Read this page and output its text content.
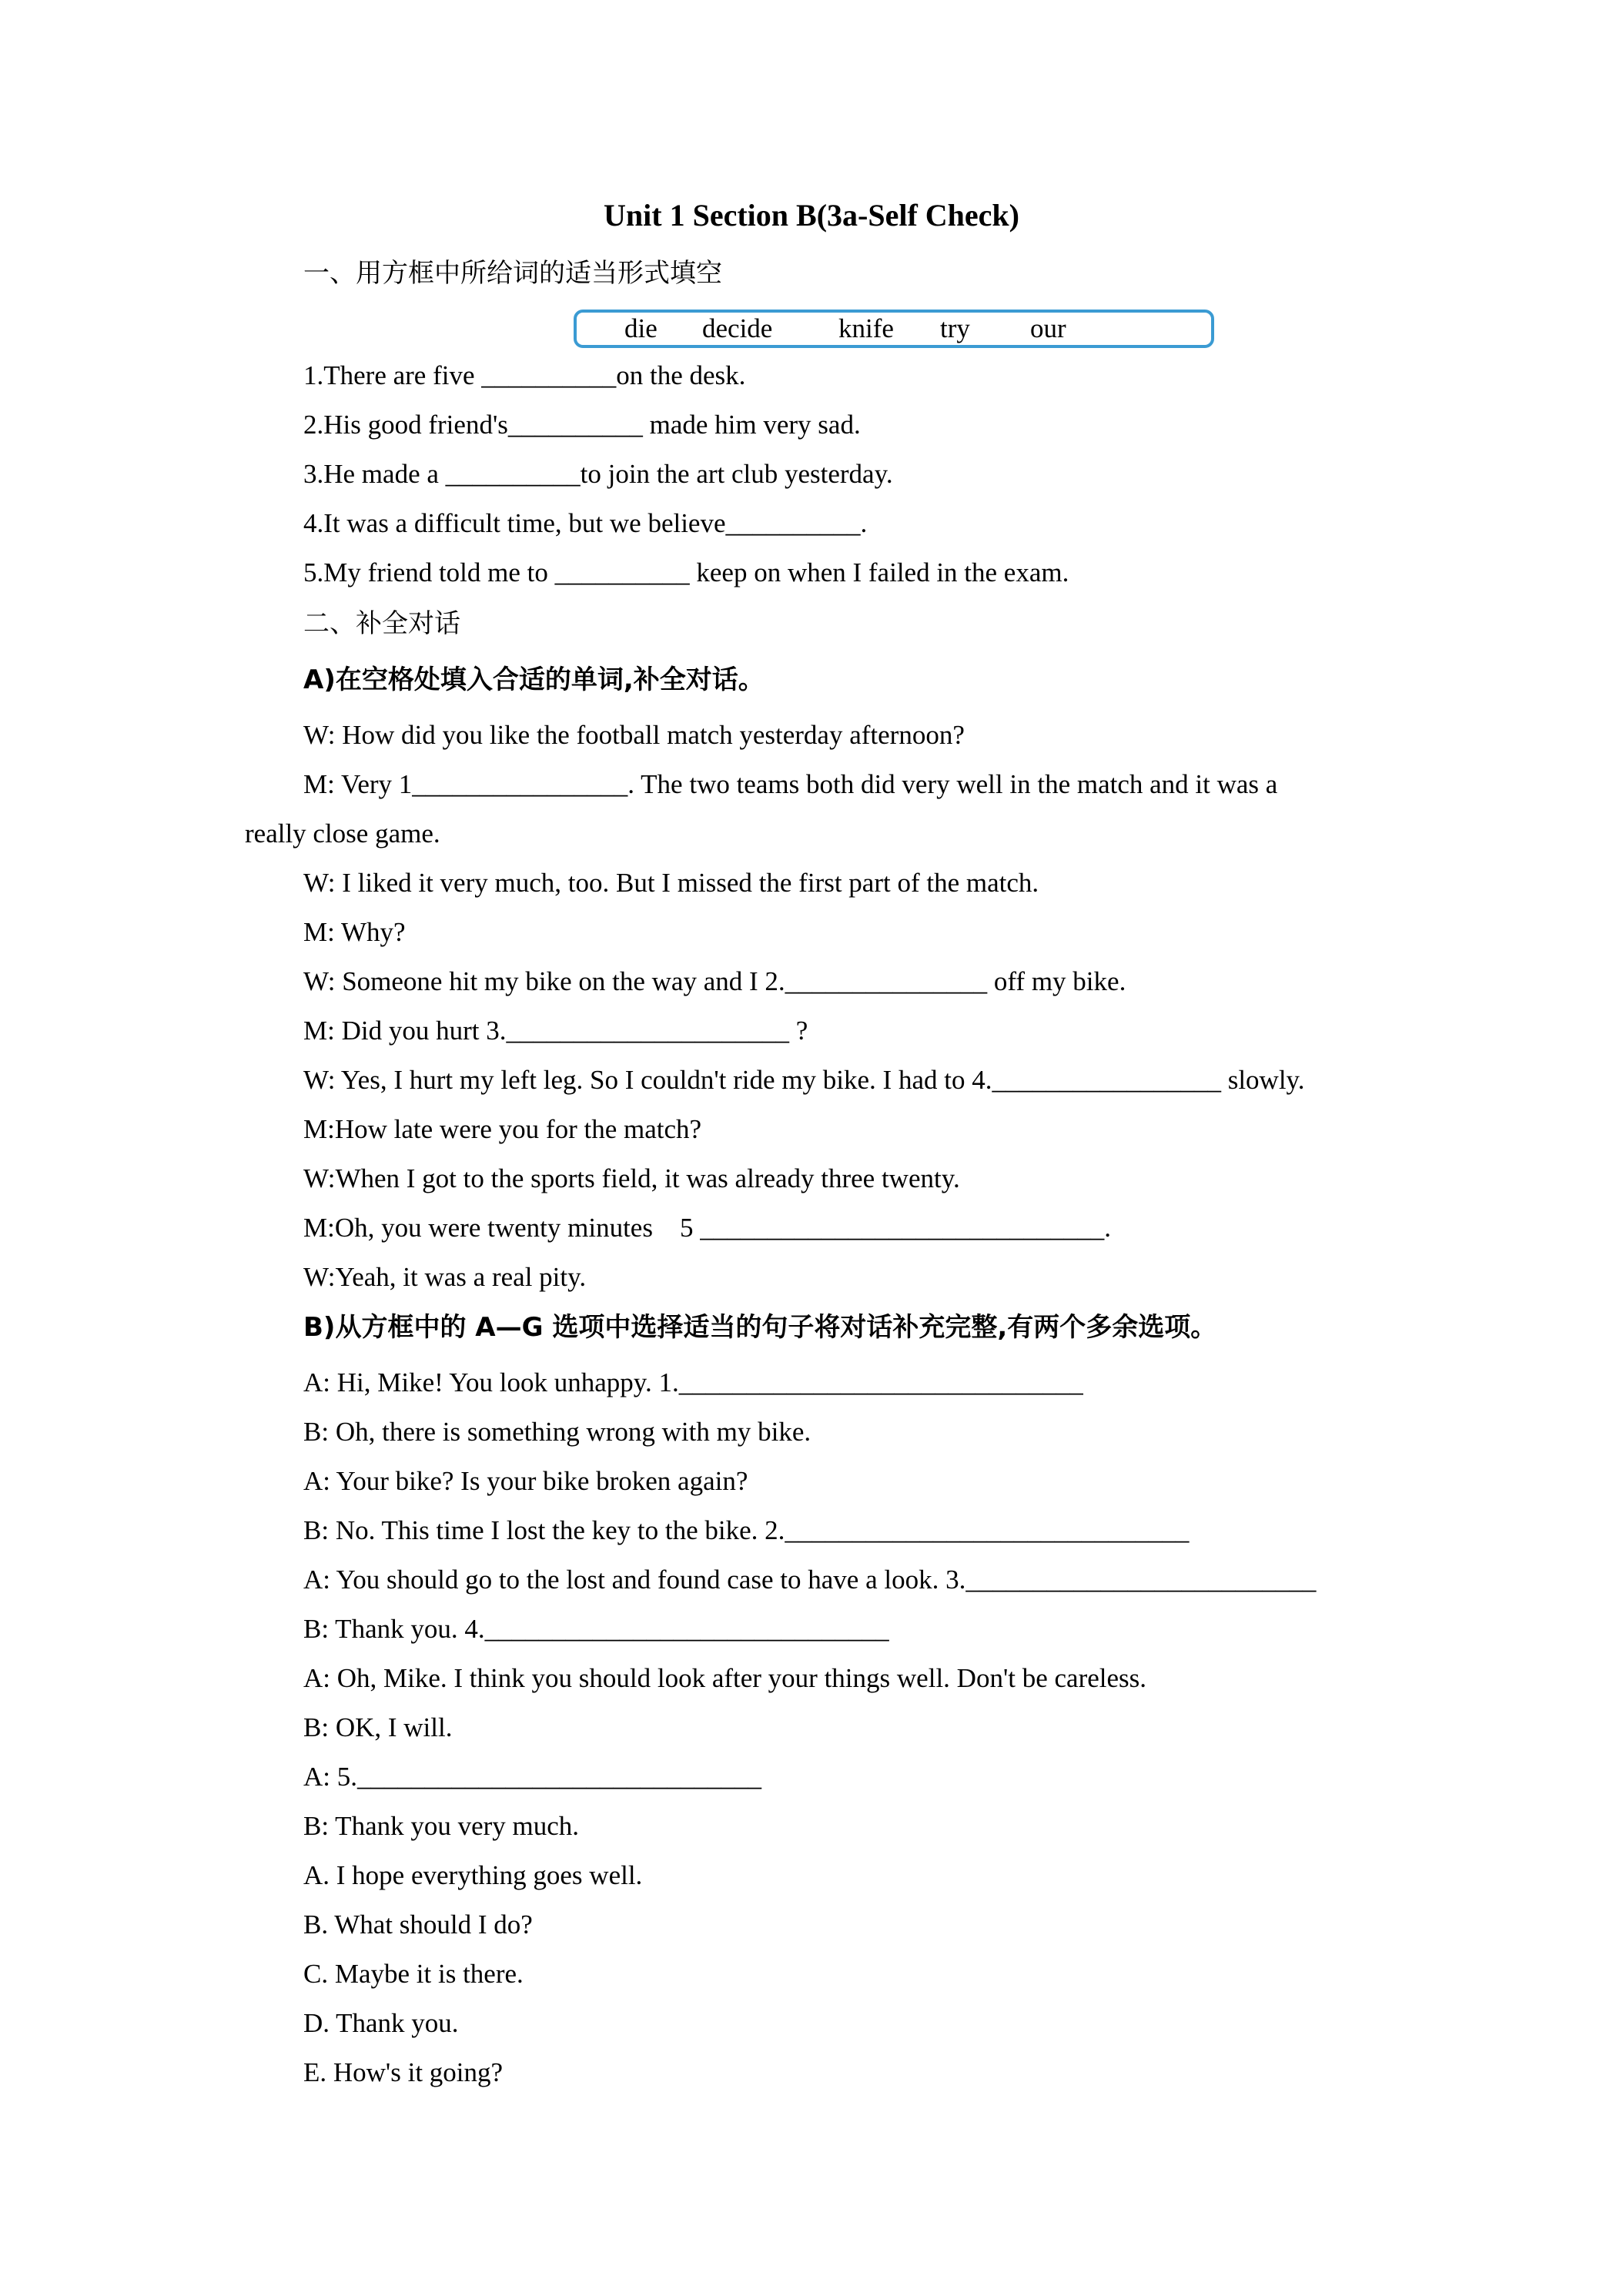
Unit 1 Section B(3a-Self Check)
一、用方框中所给词的适当形式填空
die decide knife try our
1.There are five __________on the desk.
2.His good friend's__________ made him very sad.
3.He made a __________to join the art club yesterday.
4.It was a difficult time, but we believe__________.
5.My friend told me to __________ keep on when I failed in the exam.
二、补全对话
A)在空格处填入合适的单词,补全对话。
W: How did you like the football match yesterday afternoon?
M: Very 1________________. The two teams both did very well in the match and it was a
really close game.
W: I liked it very much, too. But I missed the first part of the match.
M: Why?
W: Someone hit my bike on the way and I 2._______________ off my bike.
M: Did you hurt 3._____________________ ?
W: Yes, I hurt my left leg. So I couldn't ride my bike. I had to 4._________________ slowly.
M:How late were you for the match?
W:When I got to the sports field, it was already three twenty.
M:Oh, you were twenty minutes    5 ______________________________.
W:Yeah, it was a real pity.
B)从方框中的 A—G 选项中选择适当的句子将对话补充完整,有两个多余选项。
A: Hi, Mike! You look unhappy. 1.______________________________
B: Oh, there is something wrong with my bike.
A: Your bike? Is your bike broken again?
B: No. This time I lost the key to the bike. 2.______________________________
A: You should go to the lost and found case to have a look. 3.__________________________
B: Thank you. 4.______________________________
A: Oh, Mike. I think you should look after your things well. Don't be careless.
B: OK, I will.
A: 5.______________________________
B: Thank you very much.
A. I hope everything goes well.
B. What should I do?
C. Maybe it is there.
D. Thank you.
E. How's it going?
